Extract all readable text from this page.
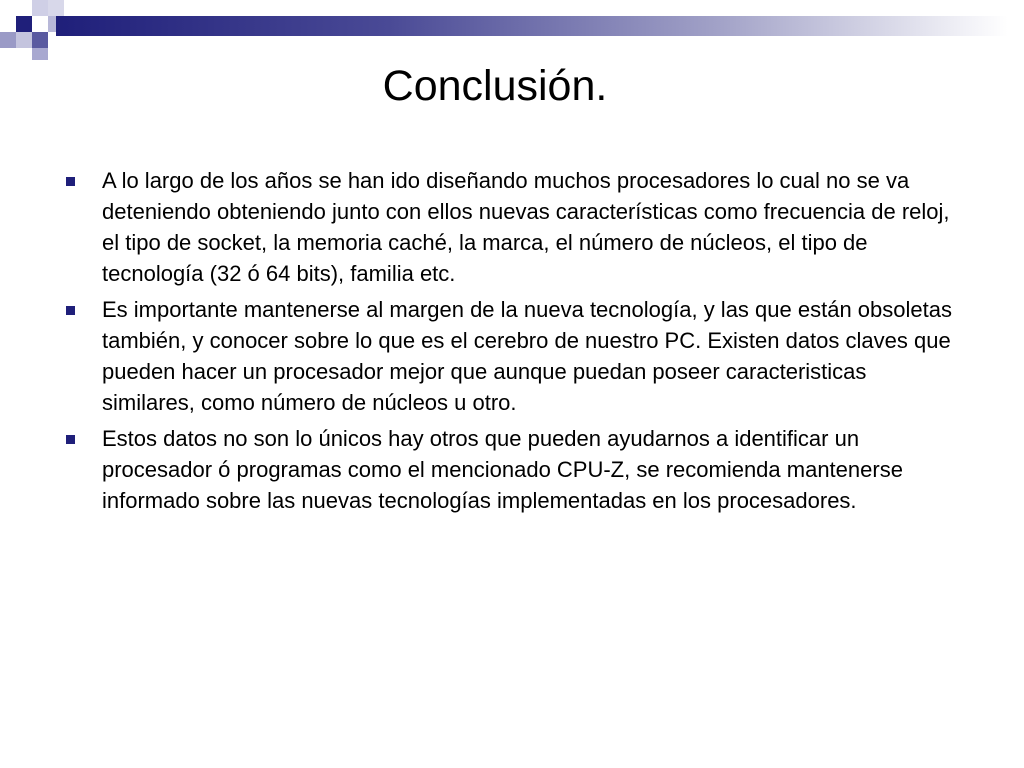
Conclusión.
A lo largo de los años se han ido diseñando muchos procesadores lo cual no se va deteniendo obteniendo junto con ellos nuevas características como frecuencia de reloj, el tipo de socket, la memoria caché, la marca, el número de núcleos, el tipo de tecnología (32 ó 64 bits), familia etc.
Es importante mantenerse al margen de la nueva tecnología, y las que están obsoletas también, y conocer sobre lo que es el cerebro de nuestro PC. Existen datos claves que pueden hacer un procesador mejor que aunque puedan poseer caracteristicas similares, como número de núcleos u otro.
Estos datos no son lo únicos hay otros que pueden ayudarnos a identificar un procesador ó programas como el mencionado CPU-Z, se recomienda mantenerse informado sobre las nuevas tecnologías implementadas en los procesadores.
